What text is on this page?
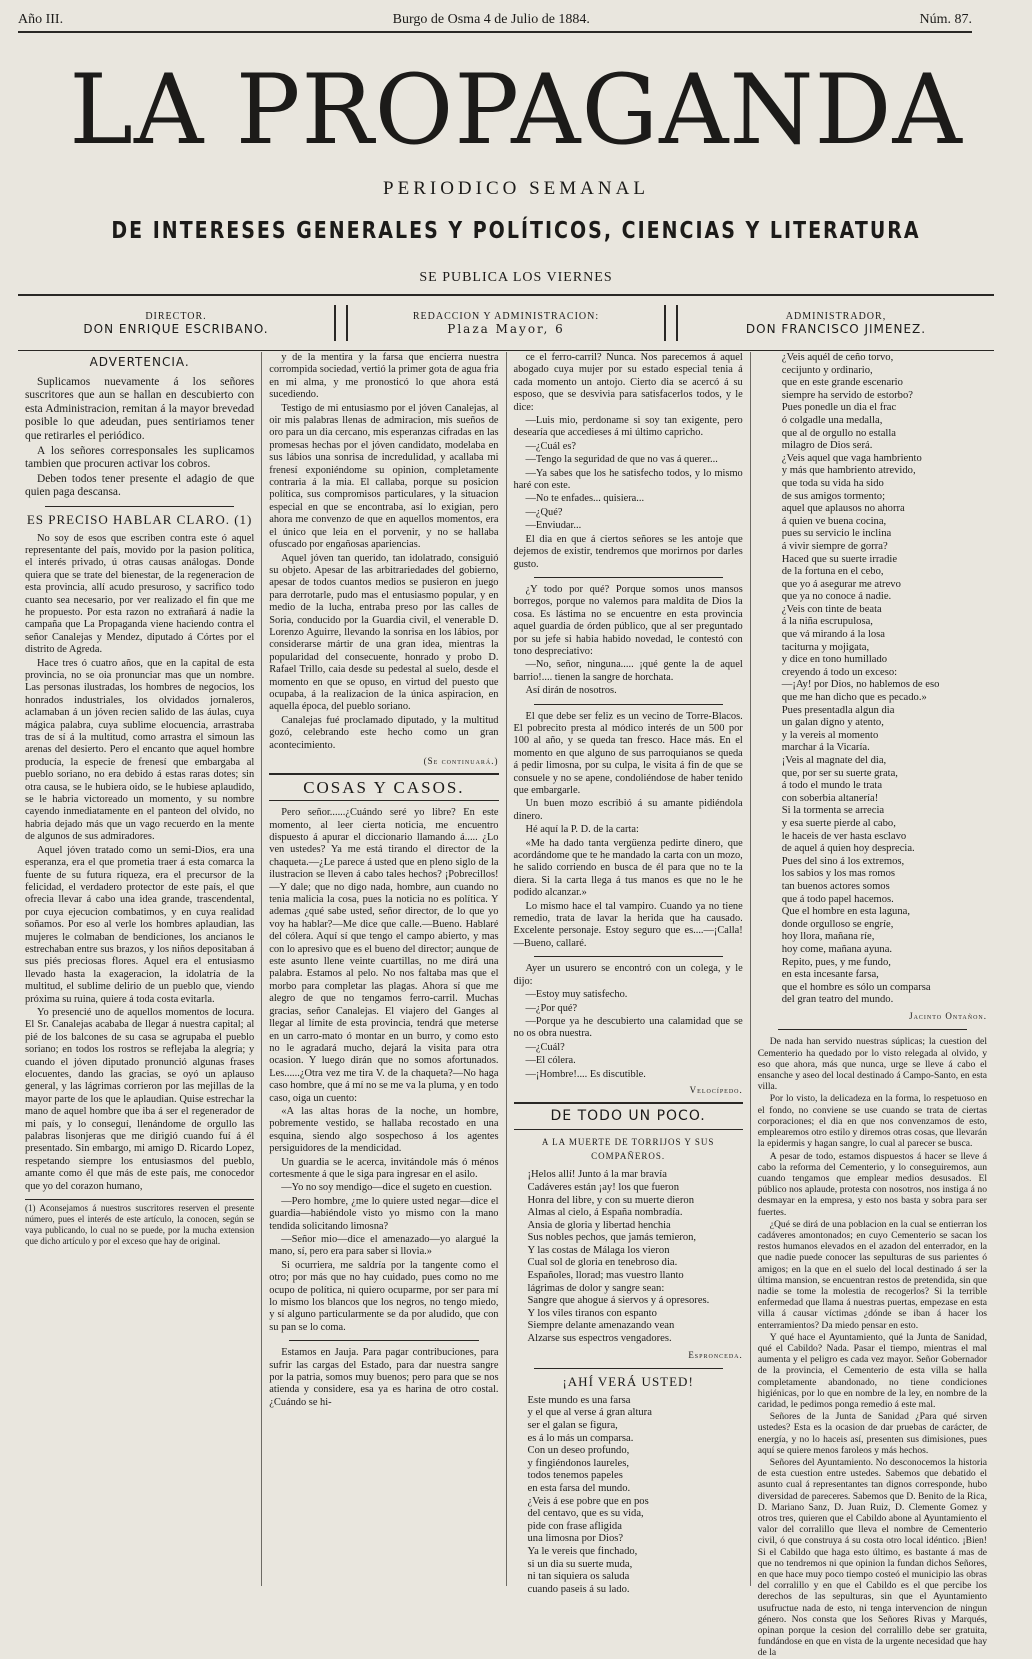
Año III.	Burgo de Osma 4 de Julio de 1884.	Núm. 87.
LA PROPAGANDA
PERIODICO SEMANAL
DE INTERESES GENERALES Y POLÍTICOS, CIENCIAS Y LITERATURA
SE PUBLICA LOS VIERNES
DIRECTOR.
DON ENRIQUE ESCRIBANO.
REDACCION Y ADMINISTRACION:
Plaza Mayor, 6
ADMINISTRADOR,
DON FRANCISCO JIMENEZ.
ADVERTENCIA.

Suplicamos nuevamente á los señores suscritores que aun se hallan en descubierto con esta Administracion, remitan á la mayor brevedad posible lo que adeudan, pues sentiriamos tener que retirarles el periódico.

A los señores corresponsales les suplicamos tambien que procuren activar los cobros.

Deben todos tener presente el adagio de que quien paga descansa.

ES PRECISO HABLAR CLARO. (1)

No soy de esos que escriben contra este ó aquel representante del país, movido por la pasion política, el interés privado, ú otras causas análogas. Donde quiera que se trate del bienestar, de la regeneracion de esta provincia, allí acudo presuroso, y sacrifico todo cuanto sea necesario, por ver realizado el fin que me he propuesto. Por esta razon no extrañará á nadie la campaña que La Propaganda viene haciendo contra el señor Canalejas y Mendez, diputado á Córtes por el distrito de Agreda.

Hace tres ó cuatro años, que en la capital de esta provincia, no se oia pronunciar mas que un nombre. Las personas ilustradas, los hombres de negocios, los honrados industriales, los olvidados jornaleros, aclamaban á un jóven recien salido de las áulas, cuya mágica palabra, cuya sublime elocuencia, arrastraba tras de sí á la multitud, como arrastra el simoun las arenas del desierto. Pero el encanto que aquel hombre producía, la especie de frenesí que embargaba al pueblo soriano, no era debido á estas raras dotes; sin otra causa, se le hubiera oido, se le hubiese aplaudido, se le habria victoreado un momento, y su nombre cayendo inmediatamente en el panteon del olvido, no habria dejado más que un vago recuerdo en la mente de algunos de sus admiradores.

Aquel jóven tratado como un semi-Dios, era una esperanza, era el que prometia traer á esta comarca la fuente de su futura riqueza, era el precursor de la felicidad, el verdadero protector de este país, el que ofrecia llevar á cabo una idea grande, trascendental, por cuya ejecucion combatimos, y en cuya realidad soñamos. Por eso al verle los hombres aplaudian, las mujeres le colmaban de bendiciones, los ancianos le estrechaban entre sus brazos, y los niños depositaban á sus piés preciosas flores. Aquel era el entusiasmo llevado hasta la exageracion, la idolatría de la multitud, el sublime delirio de un pueblo que, viendo próxima su ruina, quiere á toda costa evitarla.

Yo presencié uno de aquellos momentos de locura. El Sr. Canalejas acababa de llegar á nuestra capital; al pié de los balcones de su casa se agrupaba el pueblo soriano; en todos los rostros se reflejaba la alegría; y cuando el jóven diputado pronunció algunas frases elocuentes, dando las gracias, se oyó un aplauso general, y las lágrimas corrieron por las mejillas de la mayor parte de los que le aplaudian. Quise estrechar la mano de aquel hombre que iba á ser el regenerador de mi país, y lo conseguí, llenándome de orgullo las palabras lisonjeras que me dirigió cuando fuí á él presentado. Sin embargo, mi amigo D. Ricardo Lopez, respetando siempre los entusiasmos del pueblo, amante como él que más de este país, me conocedor que yo del corazon humano,

(1) Aconsejamos á nuestros suscritores reserven el presente número, pues el interés de este artículo, la conocen, según se vaya publicando, lo cual no se puede, por la mucha extension que dicho artículo y por el exceso que hay de original.

y de la mentira y la farsa que encierra nuestra corrompida sociedad, vertió la primer gota de agua fria en mi alma, y me pronosticó lo que ahora está sucediendo.

Testigo de mi entusiasmo por el jóven Canalejas, al oir mis palabras llenas de admiracion, mis sueños de oro para un dia cercano, mis esperanzas cifradas en las promesas hechas por el jóven candidato, modelaba en sus lábios una sonrisa de incredulidad, y acallaba mi frenesí exponiéndome su opinion, completamente contraria á la mia. El callaba, porque su posicion política, sus compromisos particulares, y la situacion especial en que se encontraba, así lo exigian, pero ahora me convenzo de que en aquellos momentos, era el único que leia en el porvenir, y no se hallaba ofuscado por engañosas apariencias.

Aquel jóven tan querido, tan idolatrado, consiguió su objeto. Apesar de las arbitrariedades del gobierno, apesar de todos cuantos medios se pusieron en juego para derrotarle, pudo mas el entusiasmo popular, y en medio de la lucha, entraba preso por las calles de Soria, conducido por la Guardia civil, el venerable D. Lorenzo Aguirre, llevando la sonrisa en los lábios, por considerarse mártir de una gran idea, mientras la popularidad del consecuente, honrado y probo D. Rafael Trillo, caia desde su pedestal al suelo, desde el momento en que se opuso, en virtud del puesto que ocupaba, á la realizacion de la única aspiracion, en aquella época, del pueblo soriano.

Canalejas fué proclamado diputado, y la multitud gozó, celebrando este hecho como un gran acontecimiento.

(Se continuará.)
COSAS Y CASOS.

Pero señor......¿Cuándo seré yo libre? En este momento, al leer cierta noticia, me encuentro dispuesto á apurar el diccionario llamando á..... ¿Lo ven ustedes? Ya me está tirando el director de la chaqueta.—¿Le parece á usted que en pleno siglo de la ilustracion se lleven á cabo tales hechos? ¡Pobrecillos!—Y dale; que no digo nada, hombre, aun cuando no tenia malicia la cosa, pues la noticia no es política. Y ademas ¿qué sabe usted, señor director, de lo que yo voy ha hablar?—Me dice que calle.—Bueno. Hablaré del cólera. Aquí sí que tengo el campo abierto, y mas con lo apresivo que es el bueno del director; aunque de este asunto llene veinte cuartillas, no me dirá una palabra. Estamos al pelo. No nos faltaba mas que el morbo para completar las plagas. Ahora sí que me alegro de que no tengamos ferro-carril. Muchas gracias, señor Canalejas. El viajero del Ganges al llegar al límite de esta provincia, tendrá que meterse en un carro-mato ó montar en un burro, y como esto no le agradará mucho, dejará la visita para otra ocasion. Y luego dirán que no somos afortunados. Les......¿Otra vez me tira V. de la chaqueta?—No haga caso hombre, que á mí no se me va la pluma, y en todo caso, oiga un cuento:

«A las altas horas de la noche, un hombre, pobremente vestido, se hallaba recostado en una esquina, siendo algo sospechoso á los agentes persiguidores de la mendicidad.

Un guardia se le acerca, invitándole más ó ménos cortesmente á que le siga para ingresar en el asilo.

—Yo no soy mendigo—dice el sugeto en cuestion.

—Pero hombre, ¿me lo quiere usted negar—dice el guardia—habiéndole visto yo mismo con la mano tendida solicitando limosna?

—Señor mio—dice el amenazado—yo alargué la mano, sí, pero era para saber si llovia.»

Si ocurriera, me saldría por la tangente como el otro; por más que no hay cuidado, pues como no me ocupo de política, ni quiero ocuparme, por ser para mí lo mismo los blancos que los negros, no tengo miedo, y sí alguno particularmente se da por aludido, que con su pan se lo coma.

Estamos en Jauja. Para pagar contribuciones, para sufrir las cargas del Estado, para dar nuestra sangre por la patria, somos muy buenos; pero para que se nos atienda y considere, esa ya es harina de otro costal. ¿Cuándo se hi-

ce el ferro-carril? Nunca. Nos parecemos á aquel abogado cuya mujer por su estado especial tenia á cada momento un antojo. Cierto dia se acercó á su esposo, que se desvivia para satisfacerlos todos, y le dice:

—Luis mio, perdoname si soy tan exigente, pero desearía que accedieses á mi último capricho.

—¿Cuál es?

—Tengo la seguridad de que no vas á querer...

—Ya sabes que los he satisfecho todos, y lo mismo haré con este.

—No te enfades... quisiera...

—¿Qué?

—Enviudar...

El dia en que á ciertos señores se les antoje que dejemos de existir, tendremos que morirnos por darles gusto.

¿Y todo por qué? Porque somos unos mansos borregos, porque no valemos para maldita de Dios la cosa. Es lástima no se encuentre en esta provincia aquel guardia de órden público, que al ser preguntado por su jefe si habia habido novedad, le contestó con tono despreciativo:

—No, señor, ninguna..... ¡qué gente la de aquel barrio!.... tienen la sangre de horchata.

Así dirán de nosotros.

El que debe ser feliz es un vecino de Torre-Blacos. El pobrecito presta al módico interés de un 500 por 100 al año, y se queda tan fresco. Hace más. En el momento en que alguno de sus parroquianos se queda á pedir limosna, por su culpa, le visita á fin de que se consuele y no se apene, condoliéndose de haber tenido que embargarle.

Un buen mozo escribió á su amante pidiéndola dinero.

Hé aquí la P. D. de la carta:

«Me ha dado tanta vergüenza pedirte dinero, que acordándome que te he mandado la carta con un mozo, he salido corriendo en busca de él para que no te la diera. Si la carta llega á tus manos es que no le he podido alcanzar.»

Lo mismo hace el tal vampiro. Cuando ya no tiene remedio, trata de lavar la herida que ha causado. Excelente personaje. Estoy seguro que es....—¡Calla!—Bueno, callaré.

Ayer un usurero se encontró con un colega, y le dijo:

—Estoy muy satisfecho.

—¿Por qué?

—Porque ya he descubierto una calamidad que se no os obra nuestra.

—¿Cuál?

—El cólera.

—¡Hombre!.... Es discutible.

Velocípedo.
DE TODO UN POCO.
A LA MUERTE DE TORRIJOS Y SUS COMPAÑEROS.
¡Helos allí! Junto á la mar bravía
Cadáveres están ¡ay! los que fueron
Honra del libre, y con su muerte dieron
Almas al cielo, á España nombradía.
Ansia de gloria y libertad henchia
Sus nobles pechos, que jamás temieron,
Y las costas de Málaga los vieron
Cual sol de gloria en tenebroso dia.
Españoles, llorad; mas vuestro llanto
lágrimas de dolor y sangre sean:
Sangre que ahogue á siervos y á opresores.
Y los viles tiranos con espanto
Siempre delante amenazando vean
Alzarse sus espectros vengadores.
Espronceda.
¡AHÍ VERÁ USTED!
Este mundo es una farsa
y el que al verse á gran altura
ser el galan se figura,
es á lo más un comparsa.
Con un deseo profundo,
y fingiéndonos laureles,
todos tenemos papeles
en esta farsa del mundo.
¿Veis á ese pobre que en pos
del centavo, que es su vida,
pide con frase afligida
una limosna por Dios?
Ya le vereis que finchado,
si un dia su suerte muda,
ni tan siquiera os saluda
cuando paseis á su lado.
¿Veis aquél de ceño torvo,
cecijunto y ordinario,
que en este grande escenario
siempre ha servido de estorbo?
Pues ponedle un dia el frac
ó colgadle una medalla,
que al de orgullo no estalla
milagro de Dios será.
¿Veis aquel que vaga hambriento
y más que hambriento atrevido,
que toda su vida ha sido
de sus amigos tormento;
aquel que aplausos no ahorra
á quien ve buena cocina,
pues su servicio le inclina
á vivir siempre de gorra?
Haced que su suerte irradie
de la fortuna en el cebo,
que yo á asegurar me atrevo
que ya no conoce á nadie.
¿Veis con tinte de beata
á la niña escrupulosa,
que vá mirando á la losa
taciturna y mojigata,
y dice en tono humillado
creyendo á todo un exceso:
—¡Ay! por Dios, no hablemos de eso
que me han dicho que es pecado.»
Pues presentadla algun dia
un galan digno y atento,
y la vereis al momento
marchar á la Vicaría.
¡Veis al magnate del dia,
que, por ser su suerte grata,
á todo el mundo le trata
con soberbia altanería!
Si la tormenta se arrecia
y esa suerte pierde al cabo,
le haceis de ver hasta esclavo
de aquel á quien hoy desprecia.
Pues del sino á los extremos,
los sabios y los mas romos
tan buenos actores somos
que á todo papel hacemos.
Que el hombre en esta laguna,
donde orgulloso se engríe,
hoy llora, mañana ríe,
hoy come, mañana ayuna.
Repito, pues, y me fundo,
en esta incesante farsa,
que el hombre es sólo un comparsa
del gran teatro del mundo.
Jacinto Ontañon.

De nada han servido nuestras súplicas; la cuestion del Cementerio ha quedado por lo visto relegada al olvido, y eso que ahora, más que nunca, urge se lleve á cabo el ensanche y aseo del local destinado á Campo-Santo, en esta villa.

Por lo visto, la delicadeza en la forma, lo respetuoso en el fondo, no conviene se use cuando se trata de ciertas corporaciones; el dia en que nos convenzamos de esto, emplearemos otro estilo y diremos otras cosas, que llevarán la epidermis y hagan sangre, lo cual al parecer se busca.

A pesar de todo, estamos dispuestos á hacer se lleve á cabo la reforma del Cementerio, y lo conseguiremos, aun cuando tengamos que emplear medios desusados. El público nos aplaude, protesta con nosotros, nos instiga á no desmayar en la empresa, y esto nos basta y sobra para ser fuertes.

¿Qué se dirá de una poblacion en la cual se entierran los cadáveres amontonados; en cuyo Cementerio se sacan los restos humanos elevados en el azadon del enterrador, en la que nadie puede conocer las sepulturas de sus parientes ó amigos; en la que en el suelo del local destinado á ser la última mansion, se encuentran restos de pretendida, sin que nadie se tome la molestia de recogerlos? Si la terrible enfermedad que llama á nuestras puertas, empezase en esta villa á causar víctimas ¿dónde se iban á hacer los enterramientos? Da miedo pensar en esto.

Y qué hace el Ayuntamiento, qué la Junta de Sanidad, qué el Cabildo? Nada. Pasar el tiempo, mientras el mal aumenta y el peligro es cada vez mayor. Señor Gobernador de la provincia, el Cementerio de esta villa se halla completamente abandonado, no tiene condiciones higiénicas, por lo que en nombre de la ley, en nombre de la caridad, le pedimos ponga remedio á este mal.

Señores de la Junta de Sanidad ¿Para qué sirven ustedes? Esta es la ocasion de dar pruebas de carácter, de energía, y no lo haceis así, presenten sus dimisiones, pues aquí se quiere menos faroleos y más hechos.

Señores del Ayuntamiento. No desconocemos la historia de esta cuestion entre ustedes. Sabemos que debatido el asunto cual á representantes tan dignos corresponde, hubo diversidad de pareceres. Sabemos que D. Benito de la Rica, D. Mariano Sanz, D. Juan Ruiz, D. Clemente Gomez y otros tres, quieren que el Cabildo abone al Ayuntamiento el valor del corralillo que lleva el nombre de Cementerio civil, ó que construya á su costa otro local idéntico. ¡Bien! Si el Cabildo que haga esto último, es bastante á mas de que no tendremos ni que opinion la fundan dichos Señores, en que hace muy poco tiempo costeó el municipio las obras del corralillo y en que el Cabildo es el que percibe los derechos de las sepulturas, sin que el Ayuntamiento usufructue nada de esto, ni tenga intervencion de ningun género. Nos consta que los Señores Rivas y Marqués, opinan porque la cesion del corralillo debe ser gratuita, fundándose en que en vista de la urgente necesidad que hay de la
